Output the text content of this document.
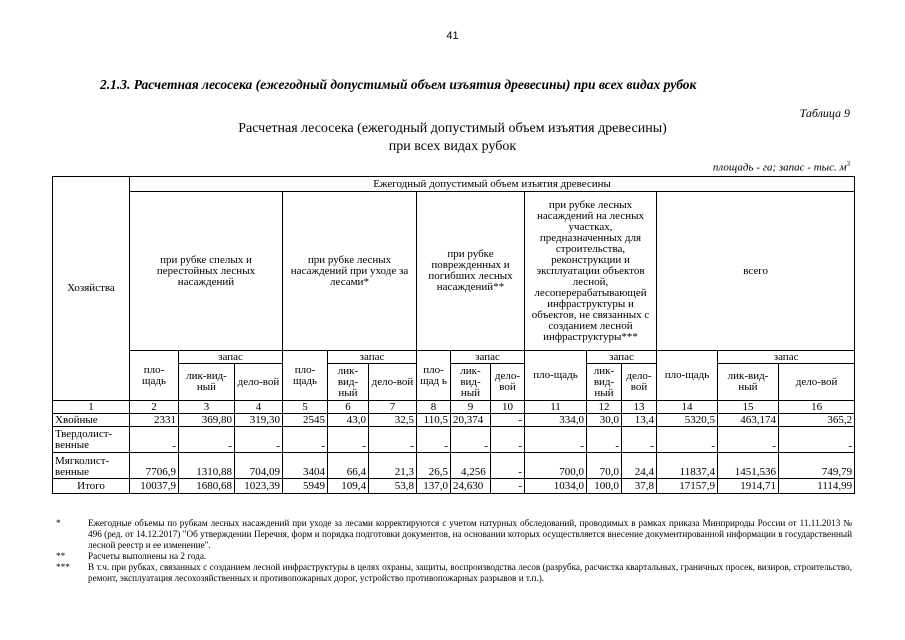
41
2.1.3. Расчетная лесосека (ежегодный допустимый объем изъятия древесины) при всех видах рубок
Таблица 9
Расчетная лесосека (ежегодный допустимый объем изъятия древесины)
при всех видах рубок
площадь - га; запас - тыс. $м^3$
Хозяйства	Ежегодный допустимый объем изъятия древесины														
	при рубке спелых и перестойных лесных насаждений			при рубке лесных насаждений при уходе за лесами*			при рубке поврежденных и погибших лесных насаждений**			при рубке лесных насаждений на лесных участках, предназначенных для строительства, реконструкции и эксплуатации объектов лесной, лесоперерабатывающей инфраструктуры и объектов, не связанных с созданием лесной инфраструктуры***			всего		
	пло-щадь	запас		пло-щадь	запас		пло-щад ь	запас		пло-щадь	запас		пло-щадь	запас	
		лик-вид-ный	дело-вой		лик-вид-ный	дело-вой		лик-вид-ный	дело-вой		лик-вид-ный	дело-вой		лик-вид-ный	дело-вой
1	2	3	4	5	6	7	8	9	10	11	12	13	14	15	16
Хвойные	2331	369,80	319,30	2545	43,0	32,5	110,5	20,374	-	334,0	30,0	13,4	5320,5	463,174	365,2
Твердолист-венные	-	-	-	-	-	-	-	-	-	-	-	-	-	-	-
Мягколист-венные	7706,9	1310,88	704,09	3404	66,4	21,3	26,5	4,256	-	700,0	70,0	24,4	11837,4	1451,536	749,79
Итого	10037,9	1680,68	1023,39	5949	109,4	53,8	137,0	24,630	-	1034,0	100,0	37,8	17157,9	1914,71	1114,99
*	Ежегодные объемы по рубкам лесных насаждений при уходе за лесами корректируются с учетом натурных обследований, проводимых в рамках приказа Минприроды России от 11.11.2013 № 496 (ред. от 14.12.2017) "Об утверждении Перечня, форм и порядка подготовки документов, на основании которых осуществляется внесение документированной информации в государственный лесной реестр и ее изменение".
** Расчеты выполнены на 2 года.
*** В т.ч. при рубках, связанных с созданием лесной инфраструктуры в целях охраны, защиты, воспроизводства лесов (разрубка, расчистка квартальных, граничных просек, визиров, строительство, ремонт, эксплуатация лесохозяйственных и противопожарных дорог, устройство противопожарных разрывов и т.п.).
